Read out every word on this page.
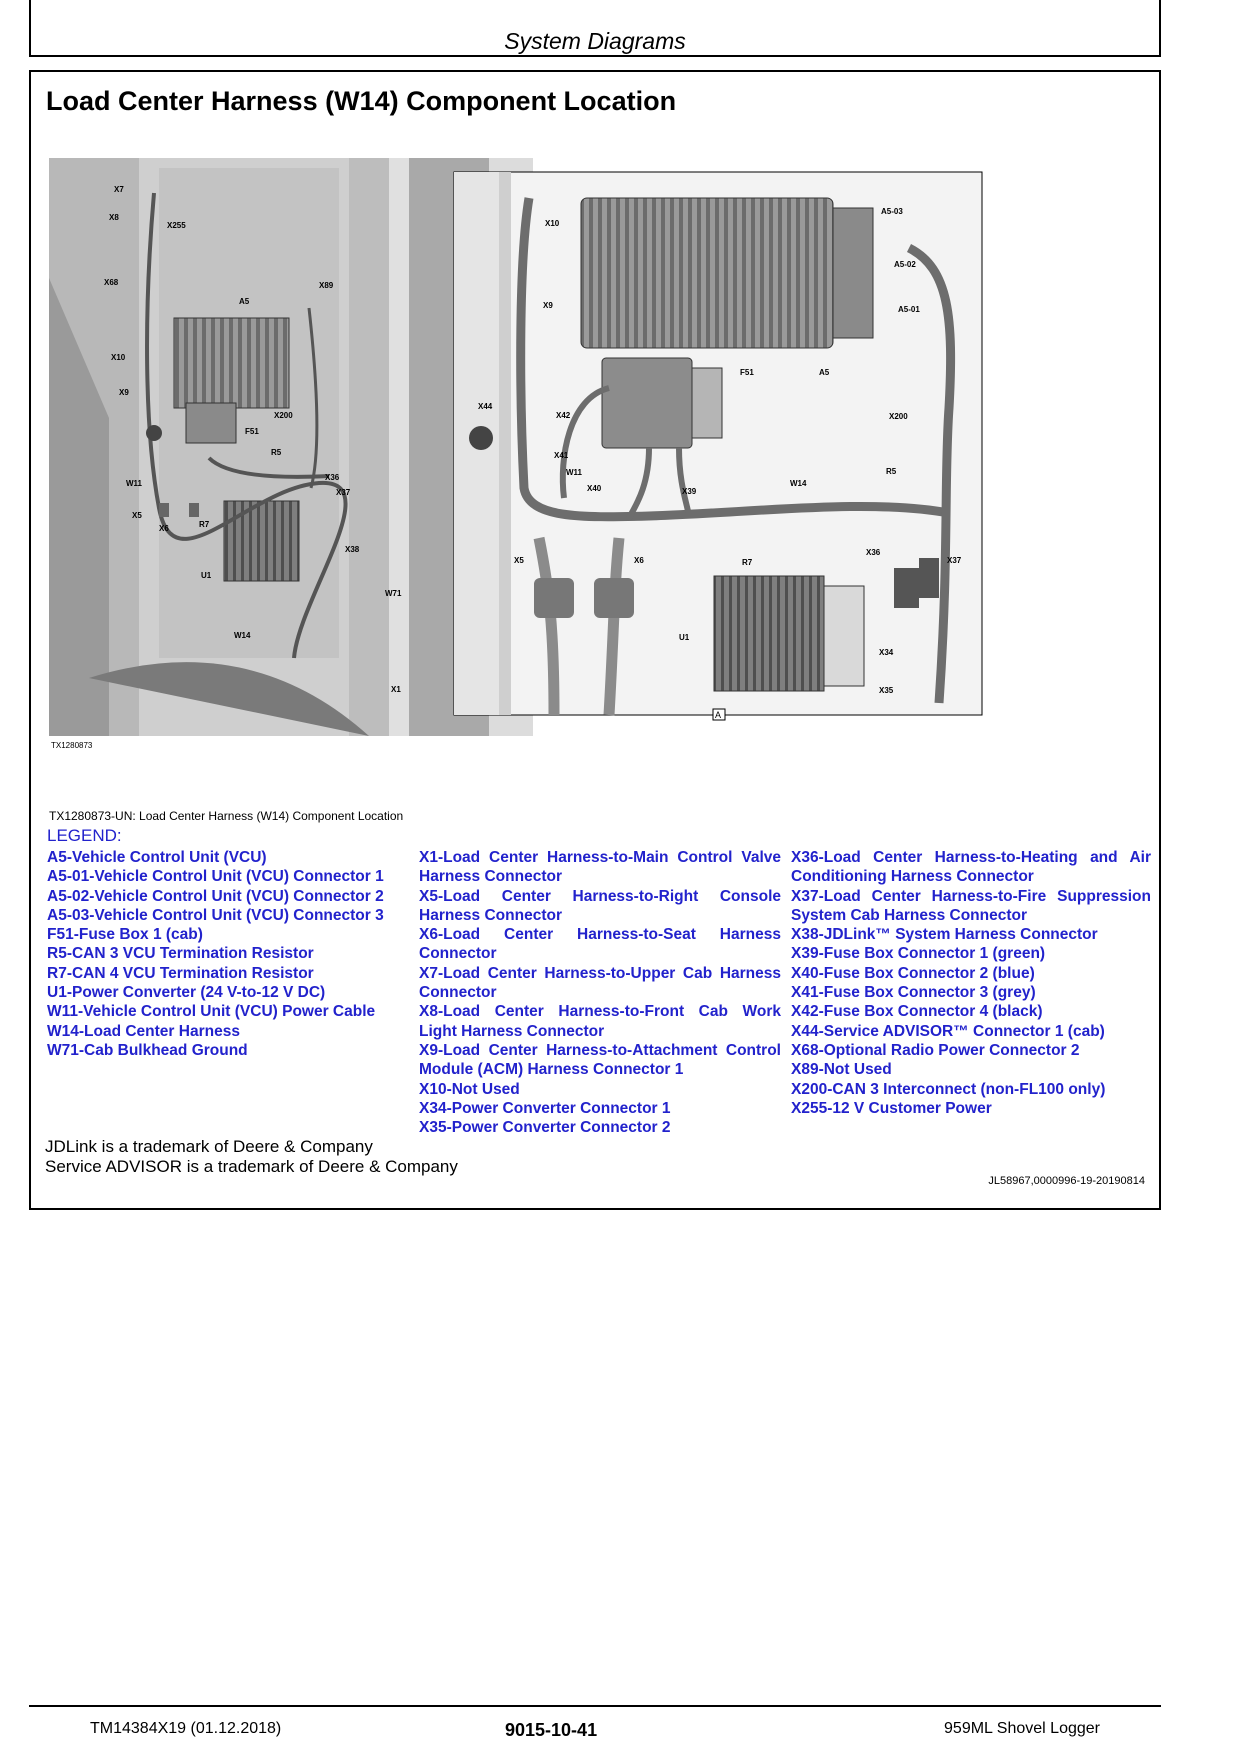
System Diagrams
Load Center Harness (W14) Component Location
X7
X8
X255
X68	X89
A5
X10
X9
F51
X200
R5
W11
X36
X37
X5
X6	R7
U1
X38
W71
W14
X1
TX1280873
X10
A5-03
A5-02
A5-01
X9
A5
F51
X44
X42
X41
W11
X40	X39
X200
R5
W14
R7
X36
X37
X5	X6
U1
X34
X35
A
TX1280873-UN: Load Center Harness (W14) Component Location
LEGEND:
A5-Vehicle Control Unit (VCU)
A5-01-Vehicle Control Unit (VCU) Connector 1
A5-02-Vehicle Control Unit (VCU) Connector 2
A5-03-Vehicle Control Unit (VCU) Connector 3
F51-Fuse Box 1 (cab)
R5-CAN 3 VCU Termination Resistor
R7-CAN 4 VCU Termination Resistor
U1-Power Converter (24 V-to-12 V DC)
W11-Vehicle Control Unit (VCU) Power Cable
W14-Load Center Harness
W71-Cab Bulkhead Ground
X1-Load Center Harness-to-Main Control Valve Harness Connector
X5-Load Center Harness-to-Right Console Harness Connector
X6-Load Center Harness-to-Seat Harness Connector
X7-Load Center Harness-to-Upper Cab Harness Connector
X8-Load Center Harness-to-Front Cab Work Light Harness Connector
X9-Load Center Harness-to-Attachment Control Module (ACM) Harness Connector 1
X10-Not Used
X34-Power Converter Connector 1
X35-Power Converter Connector 2
X36-Load Center Harness-to-Heating and Air Conditioning Harness Connector
X37-Load Center Harness-to-Fire Suppression System Cab Harness Connector
X38-JDLink™ System Harness Connector
X39-Fuse Box Connector 1 (green)
X40-Fuse Box Connector 2 (blue)
X41-Fuse Box Connector 3 (grey)
X42-Fuse Box Connector 4 (black)
X44-Service ADVISOR™ Connector 1 (cab)
X68-Optional Radio Power Connector 2
X89-Not Used
X200-CAN 3 Interconnect (non-FL100 only)
X255-12 V Customer Power
JDLink is a trademark of Deere & Company
Service ADVISOR is a trademark of Deere & Company
JL58967,0000996-19-20190814
TM14384X19 (01.12.2018)	9015-10-41	959ML Shovel Logger
